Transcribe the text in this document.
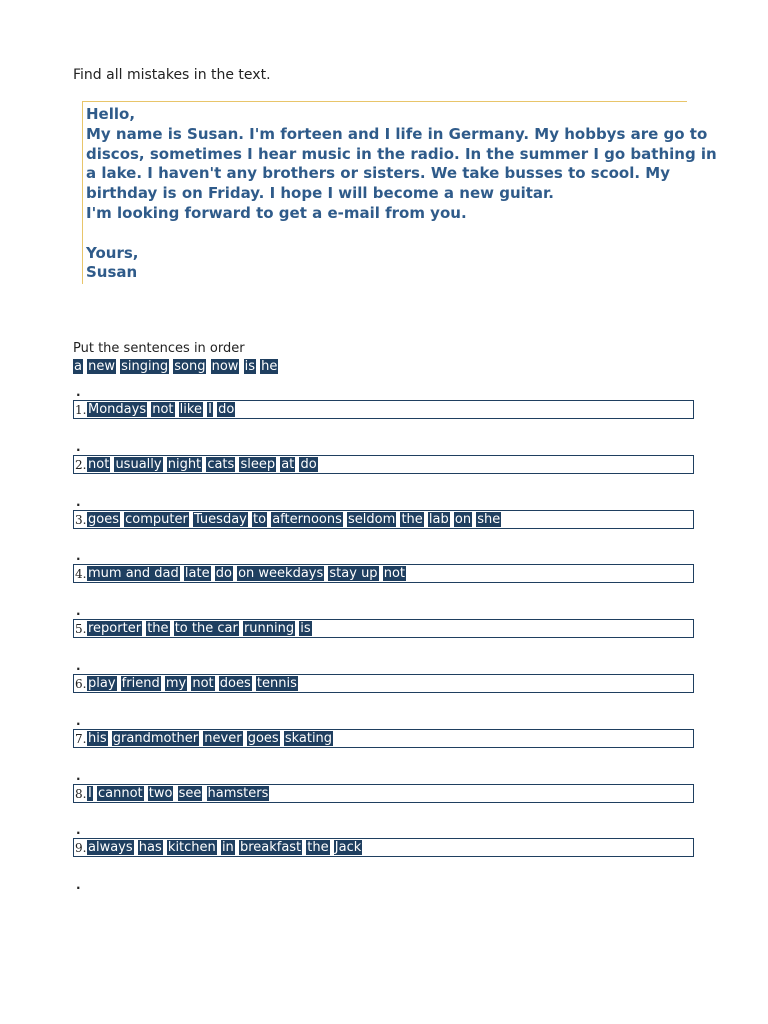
Find all mistakes in the text.
Hello,
My name is Susan. I'm forteen and I life in Germany. My hobbys are go to
discos, sometimes I hear music in the radio. In the summer I go bathing in
a lake. I haven't any brothers or sisters. We take busses to scool. My
birthday is on Friday. I hope I will become a new guitar.
I'm looking forward to get a e-mail from you.
Yours,
Susan
Put the sentences in order
a new singing song now is he
.
1. Mondays not like I do
.
2. not usually night cats sleep at do
.
3. goes computer Tuesday to afternoons seldom the lab on she
.
4. mum and dad late do on weekdays stay up not
.
5. reporter the to the car running is
.
6. play friend my not does tennis
.
7. his grandmother never goes skating
.
8. I cannot two see hamsters
.
9. always has kitchen in breakfast the Jack
.
